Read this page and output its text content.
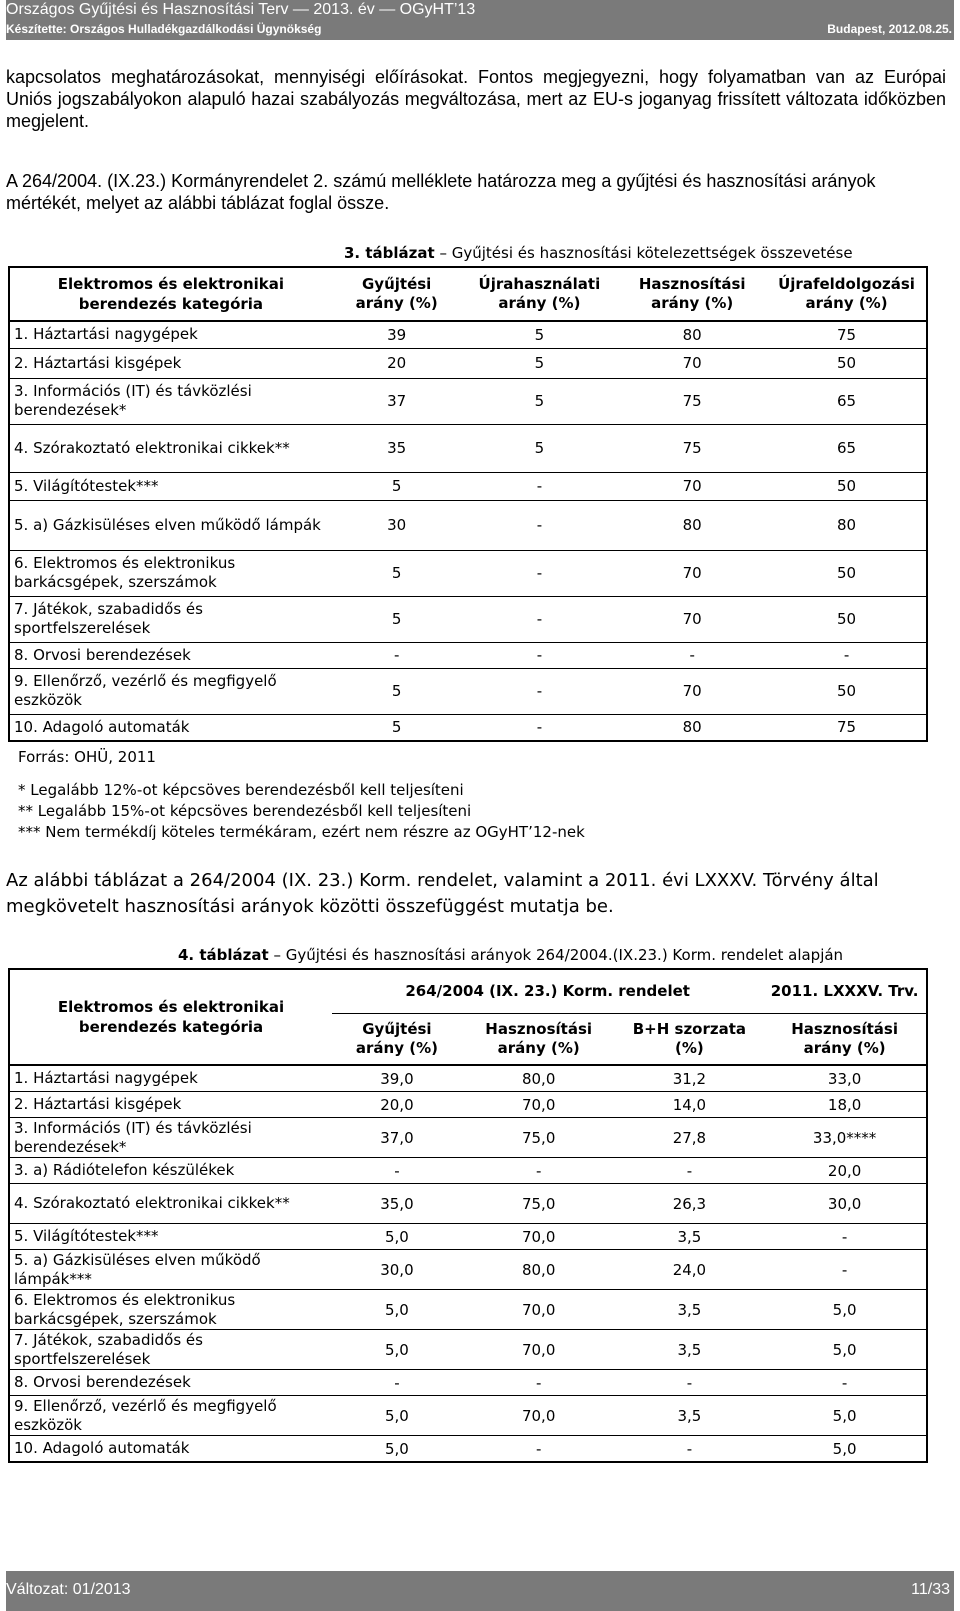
Országos Gyűjtési és Hasznosítási Terv — 2013. év — OGyHT’13
Készítette: Országos Hulladékgazdálkodási Ügynökség	Budapest, 2012.08.25.

kapcsolatos meghatározásokat, mennyiségi előírásokat. Fontos megjegyezni, hogy folyamatban van az Európai Uniós jogszabályokon alapuló hazai szabályozás megváltozása, mert az EU-s joganyag frissített változata időközben megjelent.

A 264/2004. (IX.23.) Kormányrendelet 2. számú melléklete határozza meg a gyűjtési és hasznosítási arányok mértékét, melyet az alábbi táblázat foglal össze.

3. táblázat – Gyűjtési és hasznosítási kötelezettségek összevetése
Elektromos és elektronikai berendezés kategória	Gyűjtési arány (%)	Újrahasználati arány (%)	Hasznosítási arány (%)	Újrafeldolgozási arány (%)
1. Háztartási nagygépek	39	5	80	75
2. Háztartási kisgépek	20	5	70	50
3. Információs (IT) és távközlési berendezések*	37	5	75	65
4. Szórakoztató elektronikai cikkek**	35	5	75	65
5. Világítótestek***	5	-	70	50
5. a) Gázkisüléses elven működő lámpák	30	-	80	80
6. Elektromos és elektronikus barkácsgépek, szerszámok	5	-	70	50
7. Játékok, szabadidős és sportfelszerelések	5	-	70	50
8. Orvosi berendezések	-	-	-	-
9. Ellenőrző, vezérlő és megfigyelő eszközök	5	-	70	50
10. Adagoló automaták	5	-	80	75
Forrás: OHÜ, 2011
* Legalább 12%-ot képcsöves berendezésből kell teljesíteni
** Legalább 15%-ot képcsöves berendezésből kell teljesíteni
*** Nem termékdíj köteles termékáram, ezért nem részre az OGyHT’12-nek
Az alábbi táblázat a 264/2004 (IX. 23.) Korm. rendelet, valamint a 2011. évi LXXXV. Törvény által megkövetelt hasznosítási arányok közötti összefüggést mutatja be.
4. táblázat – Gyűjtési és hasznosítási arányok 264/2004.(IX.23.) Korm. rendelet alapján
Elektromos és elektronikai berendezés kategória	264/2004 (IX. 23.) Korm. rendelet			2011. LXXXV. Trv.
	Gyűjtési arány (%)	Hasznosítási arány (%)	B+H szorzata (%)	Hasznosítási arány (%)
1. Háztartási nagygépek	39,0	80,0	31,2	33,0
2. Háztartási kisgépek	20,0	70,0	14,0	18,0
3. Információs (IT) és távközlési berendezések*	37,0	75,0	27,8	33,0****
3. a) Rádiótelefon készülékek	-	-	-	20,0
4. Szórakoztató elektronikai cikkek**	35,0	75,0	26,3	30,0
5. Világítótestek***	5,0	70,0	3,5	-
5. a) Gázkisüléses elven működő lámpák***	30,0	80,0	24,0	-
6. Elektromos és elektronikus barkácsgépek, szerszámok	5,0	70,0	3,5	5,0
7. Játékok, szabadidős és sportfelszerelések	5,0	70,0	3,5	5,0
8. Orvosi berendezések	-	-	-	-
9. Ellenőrző, vezérlő és megfigyelő eszközök	5,0	70,0	3,5	5,0
10. Adagoló automaták	5,0	-	-	5,0
Változat: 01/2013	11/33
